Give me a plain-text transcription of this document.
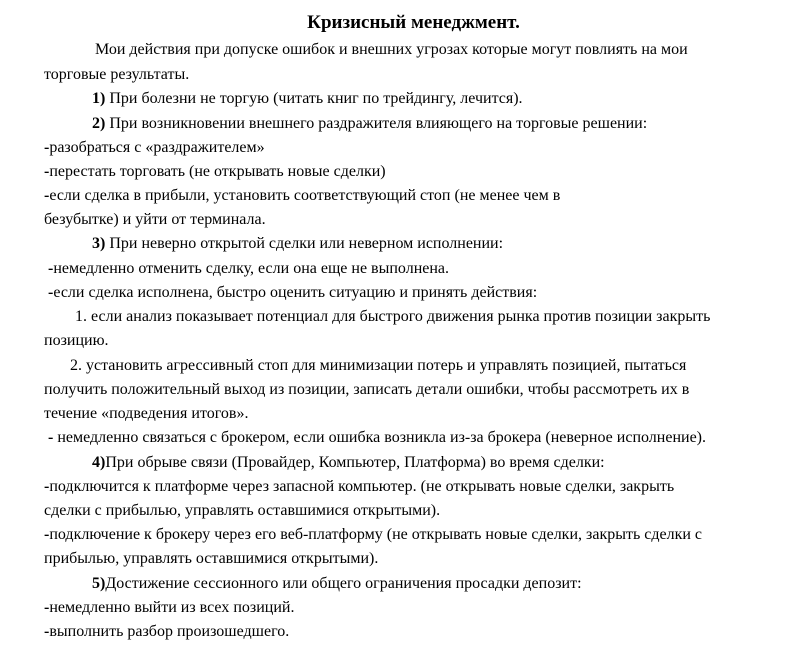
Кризисный менеджмент.
Мои действия при допуске ошибок и внешних угрозах которые могут повлиять на мои
торговые результаты.
1) При болезни не торгую (читать книг по трейдингу, лечится).
2) При возникновении внешнего раздражителя влияющего на торговые решении:
-разобраться с «раздражителем»
-перестать торговать (не открывать новые сделки)
-если сделка в прибыли, установить соответствующий стоп (не менее чем в
безубытке) и уйти от терминала.
3) При неверно открытой сделки или неверном исполнении:
-немедленно отменить сделку, если она еще не выполнена.
-если сделка исполнена, быстро оценить ситуацию и принять действия:
1. если анализ показывает потенциал для быстрого движения рынка против позиции закрыть
позицию.
2. установить агрессивный стоп для минимизации потерь и управлять позицией, пытаться
получить положительный выход из позиции, записать детали ошибки, чтобы рассмотреть их в
течение «подведения итогов».
- немедленно связаться с брокером, если ошибка возникла из-за брокера (неверное исполнение).
4)При обрыве связи (Провайдер, Компьютер, Платформа) во время сделки:
-подключится к платформе через запасной компьютер. (не открывать новые сделки, закрыть
сделки с прибылью, управлять оставшимися открытыми).
-подключение к брокеру через его веб-платформу (не открывать новые сделки, закрыть сделки с
прибылью, управлять оставшимися открытыми).
5)Достижение сессионного или общего ограничения просадки депозит:
-немедленно выйти из всех позиций.
-выполнить разбор произошедшего.
